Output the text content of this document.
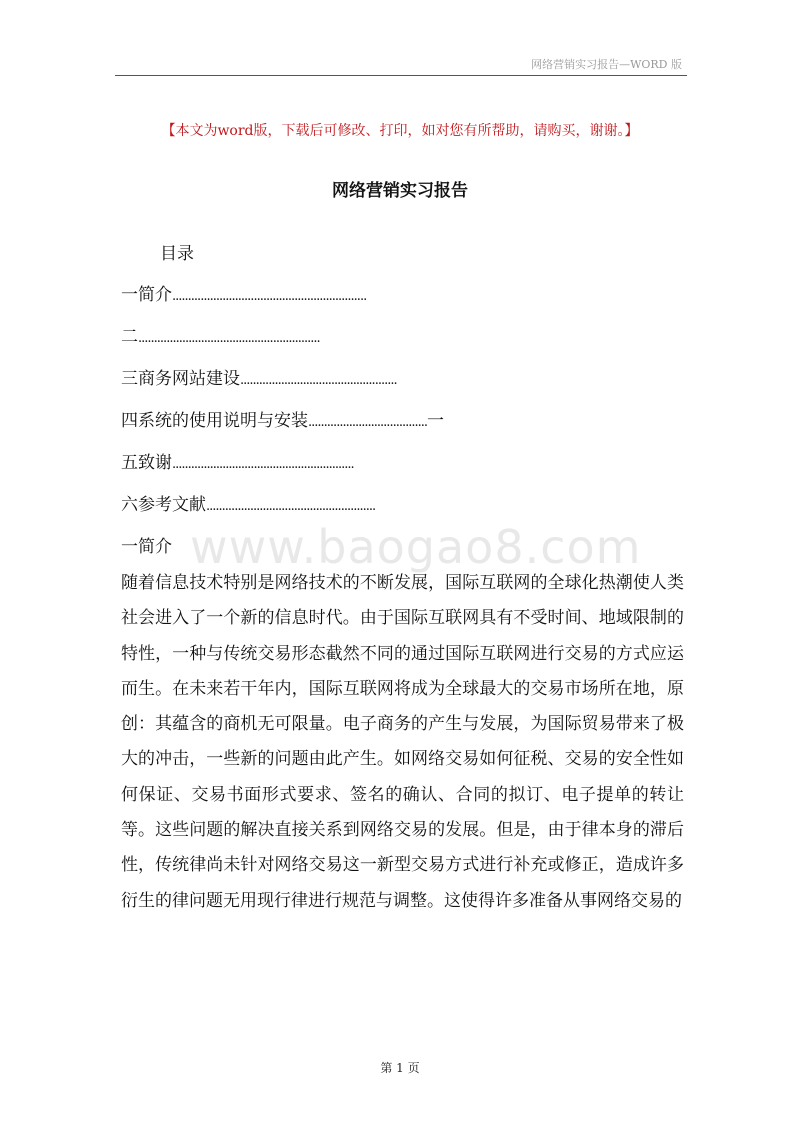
网络营销实习报告—WORD 版
【本文为word版，下载后可修改、打印，如对您有所帮助，请购买，谢谢。】
网络营销实习报告
目录
一简介..............................................................
二..........................................................
三商务网站建设..................................................
四系统的使用说明与安装......................................一
五致谢..........................................................
六参考文献......................................................
www.baogao8.com
一简介

随着信息技术特别是网络技术的不断发展，国际互联网的全球化热潮使人类社会进入了一个新的信息时代。由于国际互联网具有不受时间、地域限制的特性，一种与传统交易形态截然不同的通过国际互联网进行交易的方式应运而生。在未来若干年内，国际互联网将成为全球最大的交易市场所在地，原创：其蕴含的商机无可限量。电子商务的产生与发展，为国际贸易带来了极大的冲击，一些新的问题由此产生。如网络交易如何征税、交易的安全性如何保证、交易书面形式要求、签名的确认、合同的拟订、电子提单的转让等。这些问题的解决直接关系到网络交易的发展。但是，由于律本身的滞后性，传统律尚未针对网络交易这一新型交易方式进行补充或修正，造成许多衍生的律问题无用现行律进行规范与调整。这使得许多准备从事网络交易的

第 1 页
